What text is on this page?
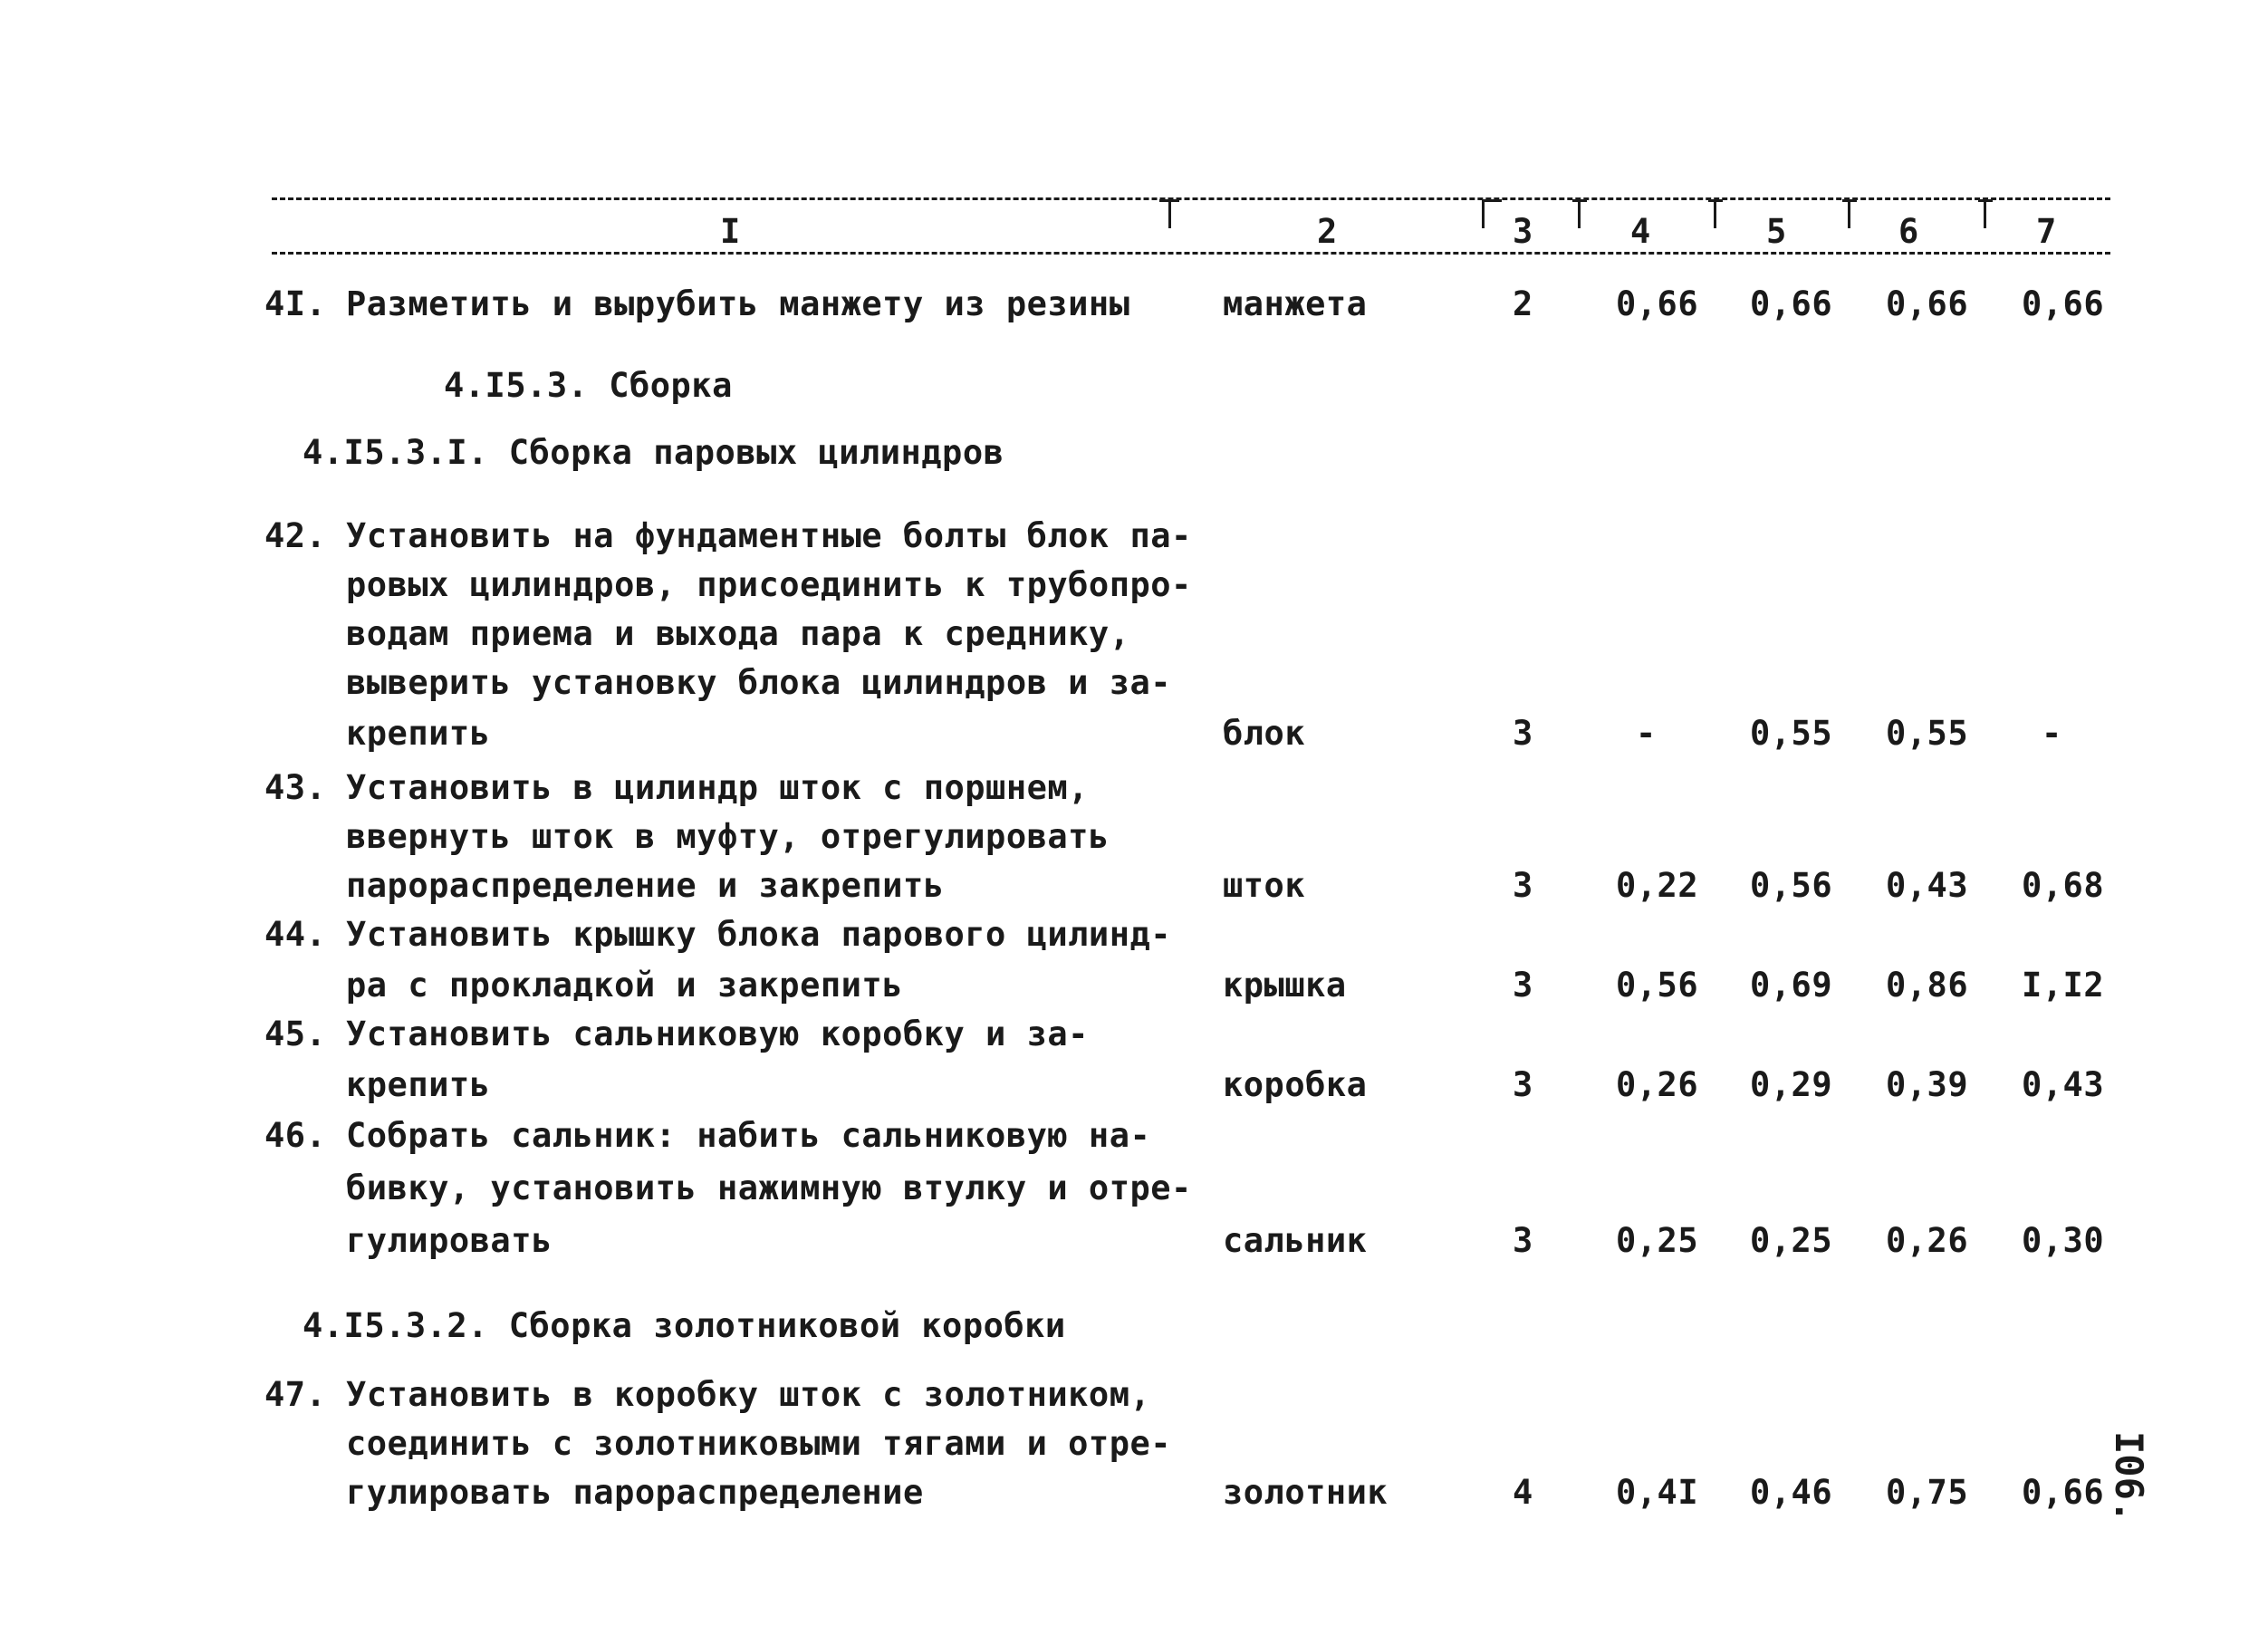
I	2	3	4	5	6	7
4I. Разметить и вырубить манжету из резины	манжета	2 0,66 0,66 0,66 0,66
4.I5.3. Сборка
4.I5.3.I. Сборка паровых цилиндров
42. Установить на фундаментные болты блок па-
ровых цилиндров, присоединить к трубопро-
водам приема и выхода пара к среднику,
выверить установку блока цилиндров и за-
крепить	блок	3	-	0,55 0,55 -
43. Установить в цилиндр шток с поршнем,
ввернуть шток в муфту, отрегулировать
парораспределение и закрепить	шток	3 0,22 0,56 0,43 0,68
44. Установить крышку блока парового цилинд-
ра с прокладкой и закрепить	крышка	3 0,56 0,69 0,86 I,I2
45. Установить сальниковую коробку и за-
крепить	коробка	3 0,26 0,29 0,39 0,43
46. Собрать сальник: набить сальниковую на-
бивку, установить нажимную втулку и отре-
гулировать	сальник	3 0,25 0,25 0,26 0,30
4.I5.3.2. Сборка золотниковой коробки
47. Установить в коробку шток с золотником,
соединить с золотниковыми тягами и отре-
гулировать парораспределение	золотник	4 0,4I 0,46 0,75 0,66 I06.
